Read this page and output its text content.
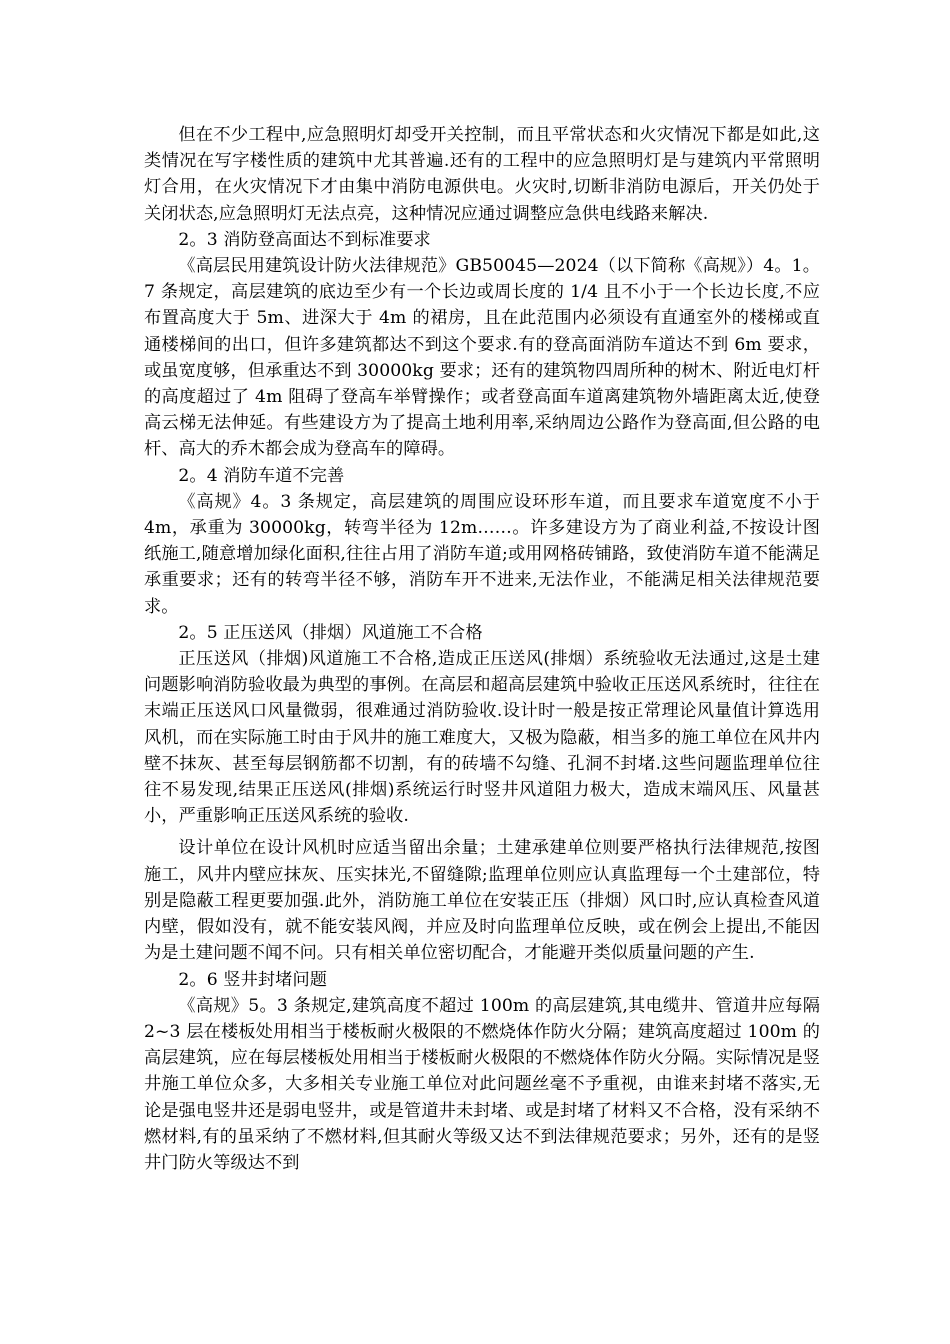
但在不少工程中,应急照明灯却受开关控制，而且平常状态和火灾情况下都是如此,这类情况在写字楼性质的建筑中尤其普遍.还有的工程中的应急照明灯是与建筑内平常照明灯合用，在火灾情况下才由集中消防电源供电。火灾时,切断非消防电源后，开关仍处于关闭状态,应急照明灯无法点亮，这种情况应通过调整应急供电线路来解决.

2。3 消防登高面达不到标准要求

《高层民用建筑设计防火法律规范》GB50045—2024（以下简称《高规》）4。1。7 条规定，高层建筑的底边至少有一个长边或周长度的 1/4 且不小于一个长边长度,不应布置高度大于 5m、进深大于 4m 的裙房，且在此范围内必须设有直通室外的楼梯或直通楼梯间的出口，但许多建筑都达不到这个要求.有的登高面消防车道达不到 6m 要求，或虽宽度够，但承重达不到 30000kg 要求；还有的建筑物四周所种的树木、附近电灯杆的高度超过了 4m 阻碍了登高车举臂操作；或者登高面车道离建筑物外墙距离太近,使登高云梯无法伸延。有些建设方为了提高土地利用率,采纳周边公路作为登高面,但公路的电杆、高大的乔木都会成为登高车的障碍。

2。4 消防车道不完善

《高规》4。3 条规定，高层建筑的周围应设环形车道，而且要求车道宽度不小于 4m，承重为 30000kg，转弯半径为 12m……。许多建设方为了商业利益,不按设计图纸施工,随意增加绿化面积,往往占用了消防车道;或用网格砖铺路，致使消防车道不能满足承重要求；还有的转弯半径不够，消防车开不进来,无法作业，不能满足相关法律规范要求。

2。5 正压送风（排烟）风道施工不合格

正压送风（排烟)风道施工不合格,造成正压送风(排烟）系统验收无法通过,这是土建问题影响消防验收最为典型的事例。在高层和超高层建筑中验收正压送风系统时，往往在末端正压送风口风量微弱，很难通过消防验收.设计时一般是按正常理论风量值计算选用风机，而在实际施工时由于风井的施工难度大，又极为隐蔽，相当多的施工单位在风井内壁不抹灰、甚至每层钢筋都不切割，有的砖墙不勾缝、孔洞不封堵.这些问题监理单位往往不易发现,结果正压送风(排烟)系统运行时竖井风道阻力极大，造成末端风压、风量甚小，严重影响正压送风系统的验收.

设计单位在设计风机时应适当留出余量；土建承建单位则要严格执行法律规范,按图施工，风井内壁应抹灰、压实抹光,不留缝隙;监理单位则应认真监理每一个土建部位，特别是隐蔽工程更要加强.此外，消防施工单位在安装正压（排烟）风口时,应认真检查风道内壁，假如没有，就不能安装风阀，并应及时向监理单位反映，或在例会上提出,不能因为是土建问题不闻不问。只有相关单位密切配合，才能避开类似质量问题的产生.

2。6 竖井封堵问题

《高规》5。3 条规定,建筑高度不超过 100m 的高层建筑,其电缆井、管道井应每隔 2~3 层在楼板处用相当于楼板耐火极限的不燃烧体作防火分隔；建筑高度超过 100m 的高层建筑，应在每层楼板处用相当于楼板耐火极限的不燃烧体作防火分隔。实际情况是竖井施工单位众多，大多相关专业施工单位对此问题丝毫不予重视，由谁来封堵不落实,无论是强电竖井还是弱电竖井，或是管道井未封堵、或是封堵了材料又不合格，没有采纳不燃材料,有的虽采纳了不燃材料,但其耐火等级又达不到法律规范要求；另外，还有的是竖井门防火等级达不到
